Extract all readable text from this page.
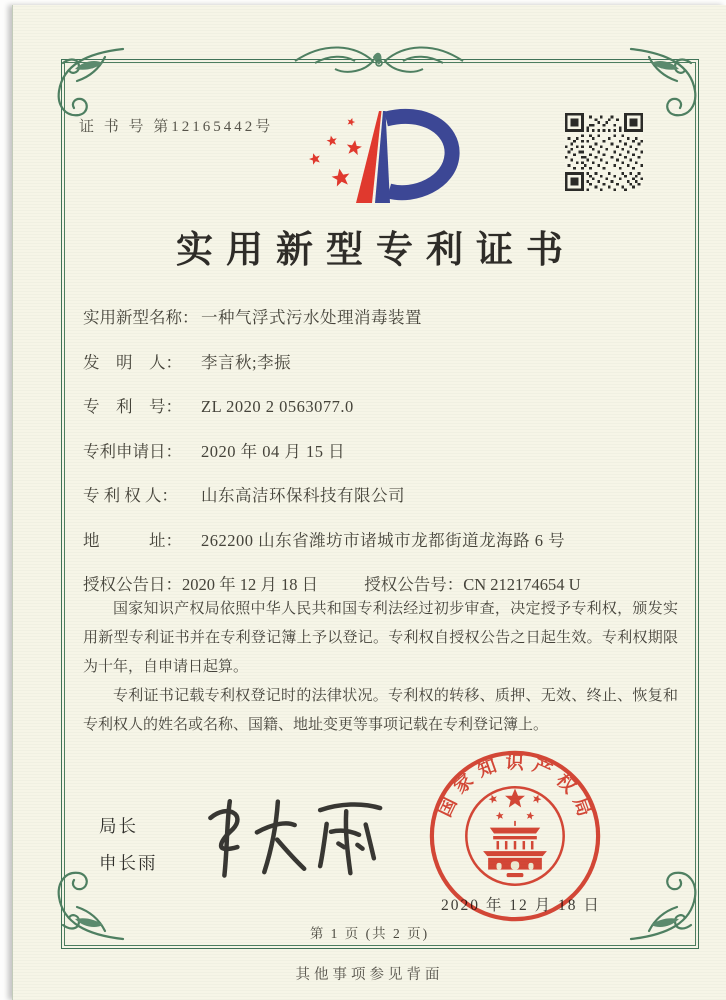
证 书 号 第12165442号
实用新型专利证书
实用新型名称： 一种气浮式污水处理消毒装置
发　明　人： 李言秋;李振
专　利　号： ZL 2020 2 0563077.0
专利申请日： 2020 年 04 月 15 日
专 利 权 人： 山东高洁环保科技有限公司
地　　　址： 262200 山东省潍坊市诸城市龙都街道龙海路 6 号
授权公告日：2020 年 12 月 18 日	授权公告号：CN 212174654 U

国家知识产权局依照中华人民共和国专利法经过初步审查，决定授予专利权，颁发实用新型专利证书并在专利登记簿上予以登记。专利权自授权公告之日起生效。专利权期限为十年，自申请日起算。

专利证书记载专利权登记时的法律状况。专利权的转移、质押、无效、终止、恢复和专利权人的姓名或名称、国籍、地址变更等事项记载在专利登记簿上。

局长
申长雨
2020 年 12 月 18 日
国家知识产权局
第 1 页 (共 2 页)
其他事项参见背面
